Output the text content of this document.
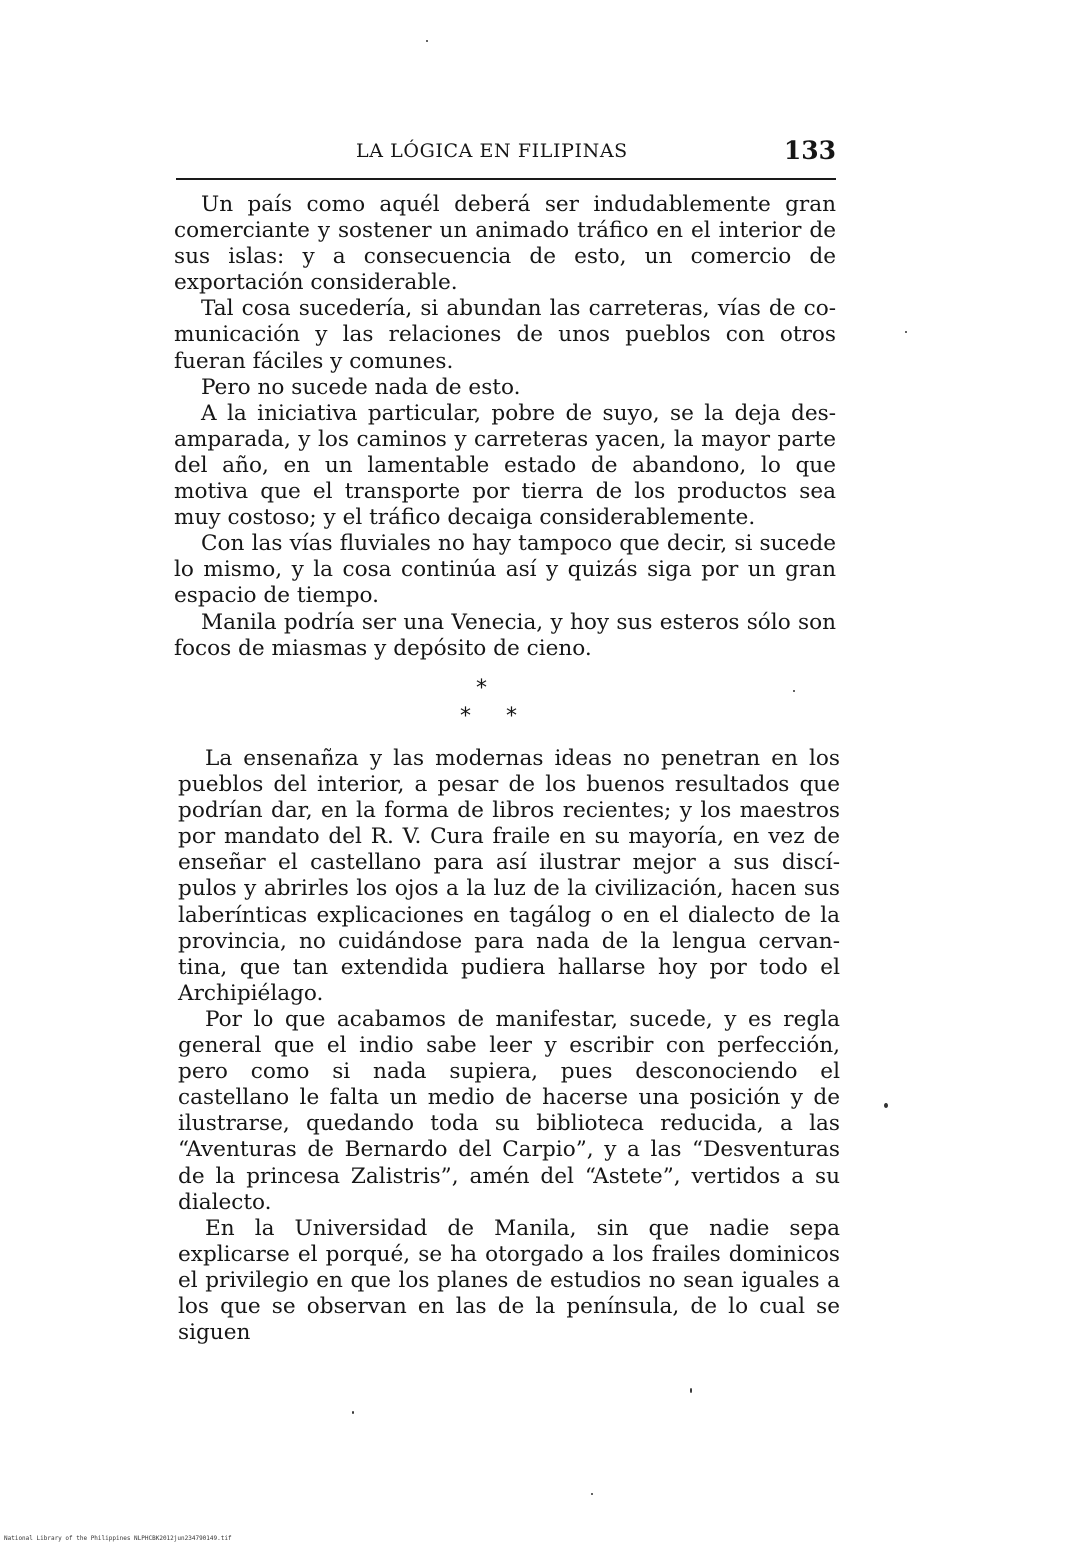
LA LÓGICA EN FILIPINAS	133

Un país como aquél deberá ser indudablemente gran comerciante y sostener un animado tráfico en el interior de sus islas: y a consecuencia de esto, un comercio de exportación considerable.

Tal cosa sucedería, si abundan las carreteras, vías de comunicación y las relaciones de unos pueblos con otros fueran fáciles y comunes.

Pero no sucede nada de esto.

A la iniciativa particular, pobre de suyo, se la deja desamparada, y los caminos y carreteras yacen, la mayor parte del año, en un lamentable estado de abandono, lo que motiva que el transporte por tierra de los productos sea muy costoso; y el tráfico decaiga considerablemente.

Con las vías fluviales no hay tampoco que decir, si sucede lo mismo, y la cosa continúa así y quizás siga por un gran espacio de tiempo.

Manila podría ser una Venecia, y hoy sus esteros sólo son focos de miasmas y depósito de cieno.

*
* *

La ensenañza y las modernas ideas no penetran en los pueblos del interior, a pesar de los buenos resultados que podrían dar, en la forma de libros recientes; y los maestros por mandato del R. V. Cura fraile en su mayoría, en vez de enseñar el castellano para así ilustrar mejor a sus discípulos y abrirles los ojos a la luz de la civilización, hacen sus laberínticas explicaciones en tagálog o en el dialecto de la provincia, no cuidándose para nada de la lengua cervantina, que tan extendida pudiera hallarse hoy por todo el Archipiélago.

Por lo que acabamos de manifestar, sucede, y es regla general que el indio sabe leer y escribir con perfección, pero como si nada supiera, pues desconociendo el castellano le falta un medio de hacerse una posición y de ilustrarse, quedando toda su biblioteca reducida, a las “Aventuras de Bernardo del Carpio”, y a las “Desventuras de la princesa Zalistris”, amén del “Astete”, vertidos a su dialecto.

En la Universidad de Manila, sin que nadie sepa explicarse el porqué, se ha otorgado a los frailes dominicos el privilegio en que los planes de estudios no sean iguales a los que se observan en las de la península, de lo cual se siguen

National Library of the Philippines NLPHCBK2012jun234790149.tif
